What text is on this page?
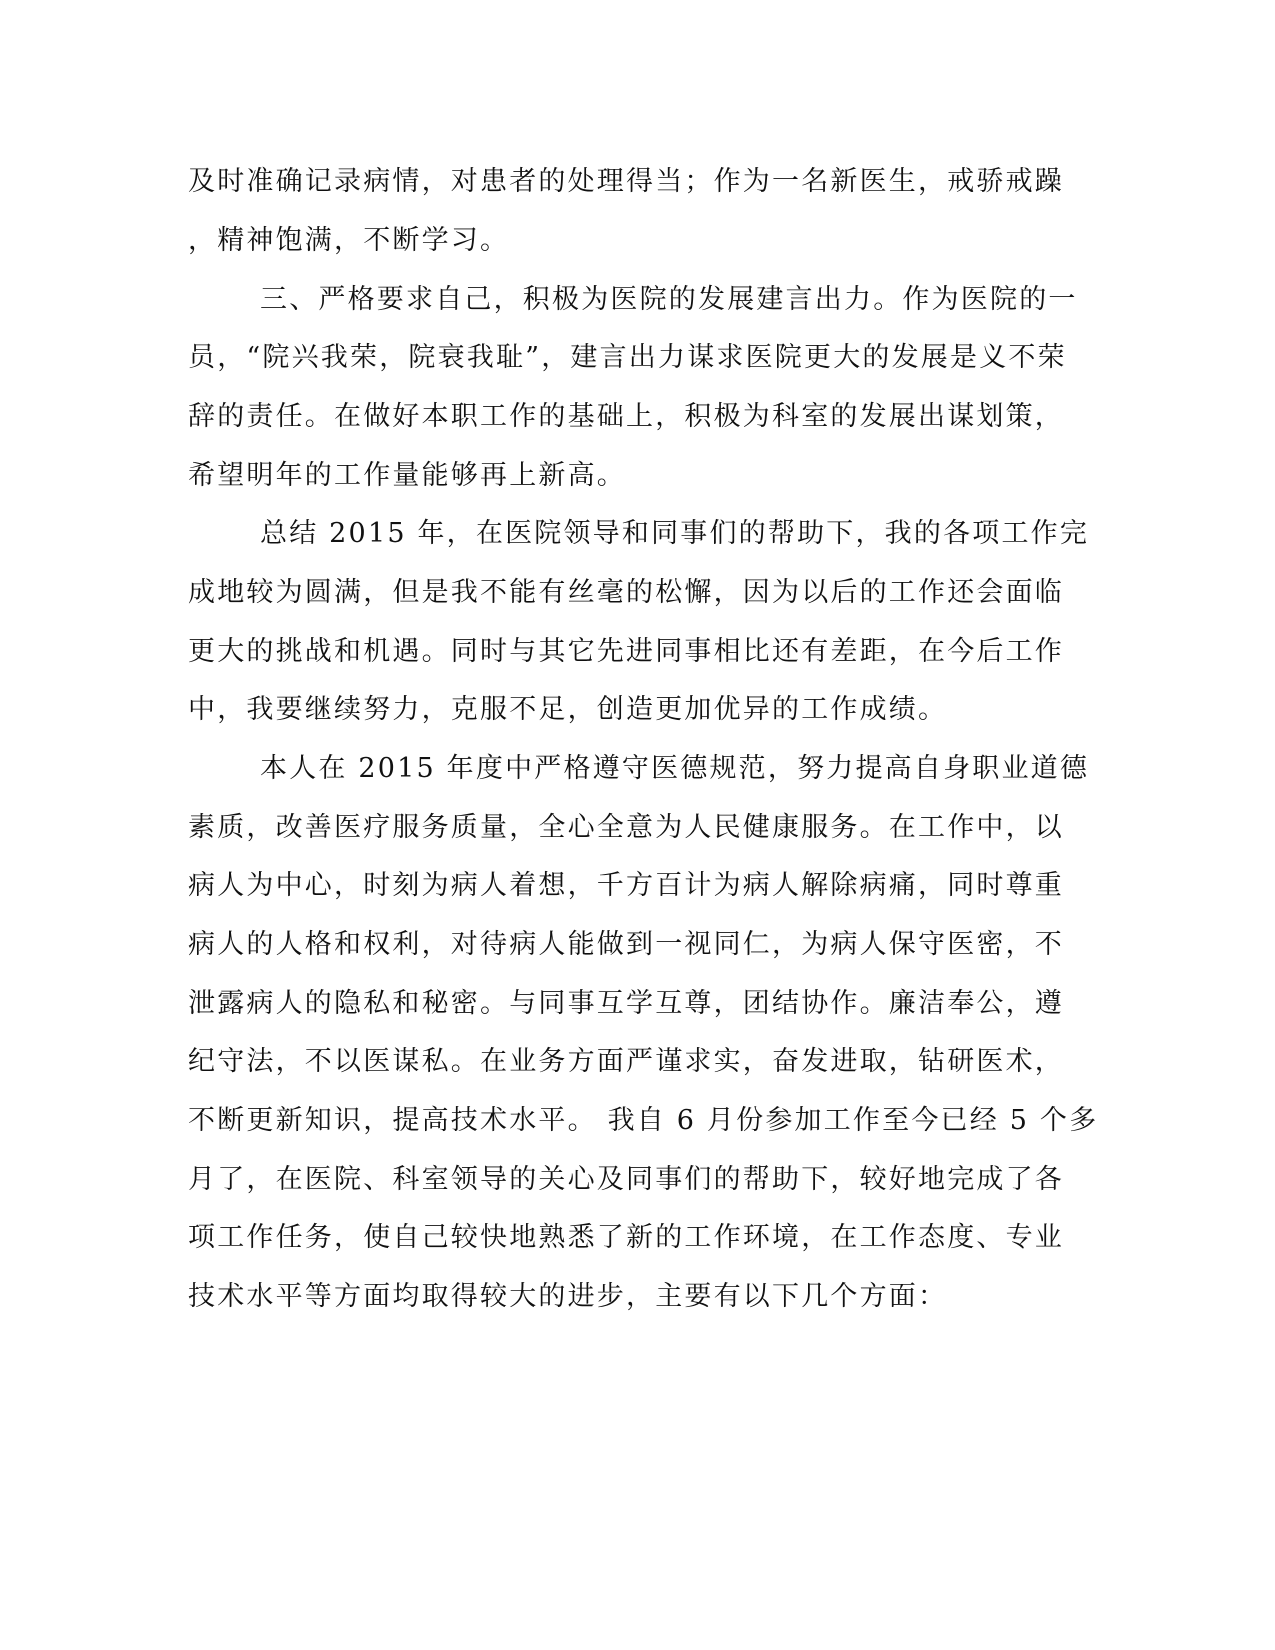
及时准确记录病情，对患者的处理得当；作为一名新医生，戒骄戒躁
，精神饱满，不断学习。
三、严格要求自己，积极为医院的发展建言出力。作为医院的一
员，“院兴我荣，院衰我耻”，建言出力谋求医院更大的发展是义不荣
辞的责任。在做好本职工作的基础上，积极为科室的发展出谋划策，
希望明年的工作量能够再上新高。
总结 2015 年，在医院领导和同事们的帮助下，我的各项工作完
成地较为圆满，但是我不能有丝毫的松懈，因为以后的工作还会面临
更大的挑战和机遇。同时与其它先进同事相比还有差距，在今后工作
中，我要继续努力，克服不足，创造更加优异的工作成绩。
本人在 2015 年度中严格遵守医德规范，努力提高自身职业道德
素质，改善医疗服务质量，全心全意为人民健康服务。在工作中，以
病人为中心，时刻为病人着想，千方百计为病人解除病痛，同时尊重
病人的人格和权利，对待病人能做到一视同仁，为病人保守医密，不
泄露病人的隐私和秘密。与同事互学互尊，团结协作。廉洁奉公，遵
纪守法，不以医谋私。在业务方面严谨求实，奋发进取，钻研医术，
不断更新知识，提高技术水平。 我自 6 月份参加工作至今已经 5 个多
月了，在医院、科室领导的关心及同事们的帮助下，较好地完成了各
项工作任务，使自己较快地熟悉了新的工作环境，在工作态度、专业
技术水平等方面均取得较大的进步，主要有以下几个方面：
